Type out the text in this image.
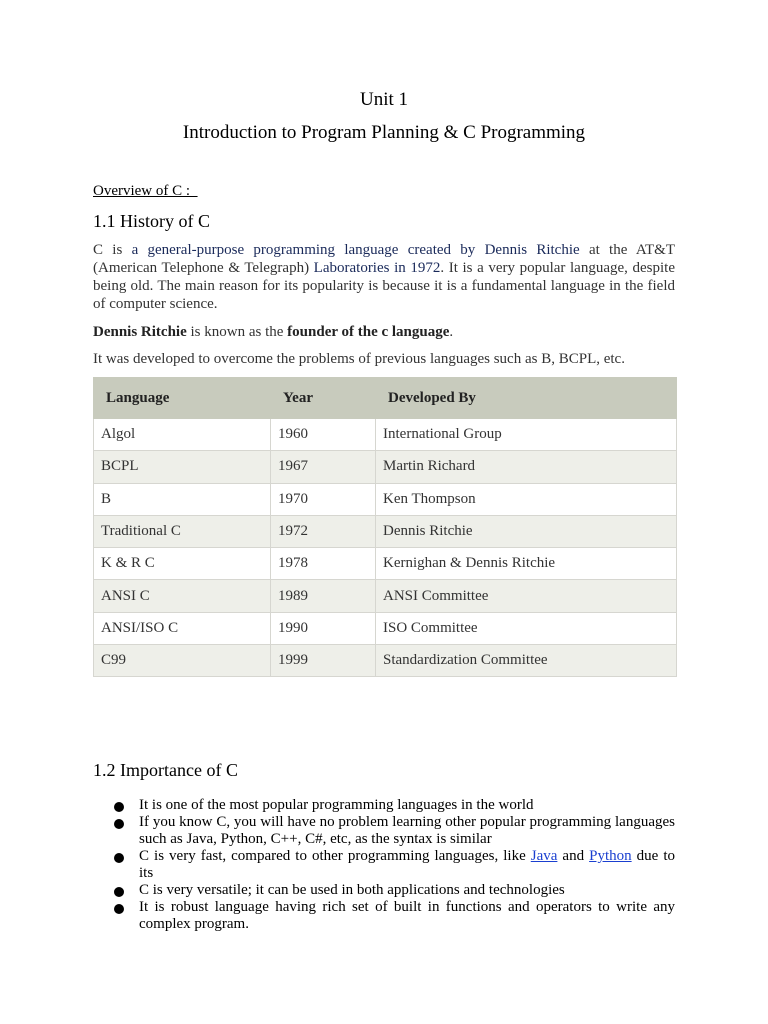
Unit 1
Introduction to Program Planning & C Programming
Overview of C :
1.1 History of C
C is a general-purpose programming language created by Dennis Ritchie at the AT&T (American Telephone & Telegraph) Laboratories in 1972. It is a very popular language, despite being old. The main reason for its popularity is because it is a fundamental language in the field of computer science.
Dennis Ritchie is known as the founder of the c language.
It was developed to overcome the problems of previous languages such as B, BCPL, etc.
Language	Year	Developed By
Algol	1960	International Group
BCPL	1967	Martin Richard
B	1970	Ken Thompson
Traditional C	1972	Dennis Ritchie
K & R C	1978	Kernighan & Dennis Ritchie
ANSI C	1989	ANSI Committee
ANSI/ISO C	1990	ISO Committee
C99	1999	Standardization Committee
1.2 Importance of C
It is one of the most popular programming languages in the world
If you know C, you will have no problem learning other popular programming languages such as Java, Python, C++, C#, etc, as the syntax is similar
C is very fast, compared to other programming languages, like Java and Python due to its
C is very versatile; it can be used in both applications and technologies
It is robust language having rich set of built in functions and operators to write any complex program.
